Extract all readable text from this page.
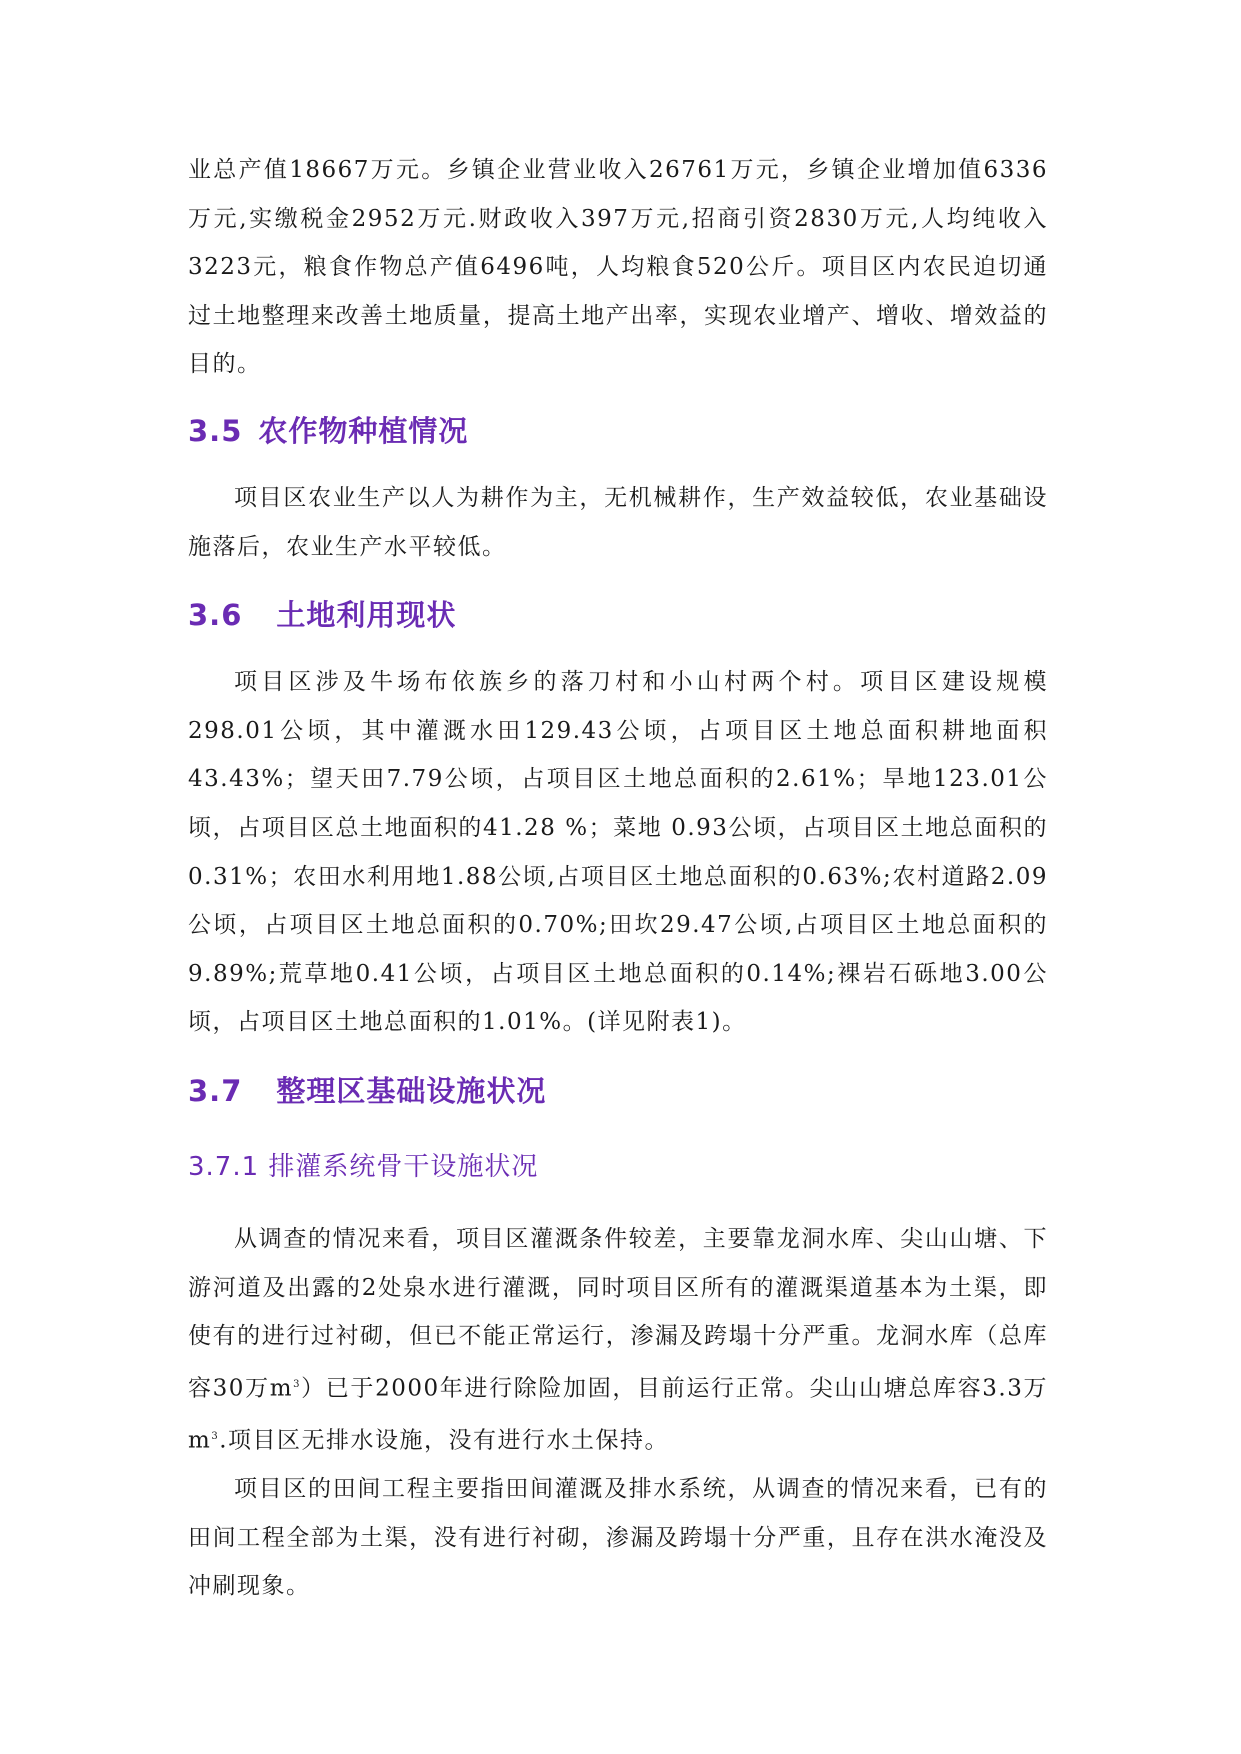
业总产值18667万元。乡镇企业营业收入26761万元，乡镇企业增加值6336万元,实缴税金2952万元.财政收入397万元,招商引资2830万元,人均纯收入3223元，粮食作物总产值6496吨，人均粮食520公斤。项目区内农民迫切通过土地整理来改善土地质量，提高土地产出率，实现农业增产、增收、增效益的目的。

3.5 农作物种植情况

项目区农业生产以人为耕作为主，无机械耕作，生产效益较低，农业基础设施落后，农业生产水平较低。

3.6 土地利用现状

项目区涉及牛场布依族乡的落刀村和小山村两个村。项目区建设规模298.01公顷，其中灌溉水田129.43公顷，占项目区土地总面积耕地面积43.43%；望天田7.79公顷，占项目区土地总面积的2.61%；旱地123.01公顷，占项目区总土地面积的41.28 %；菜地 0.93公顷，占项目区土地总面积的0.31%；农田水利用地1.88公顷,占项目区土地总面积的0.63%;农村道路2.09公顷，占项目区土地总面积的0.70%;田坎29.47公顷,占项目区土地总面积的9.89%;荒草地0.41公顷，占项目区土地总面积的0.14%;裸岩石砾地3.00公顷，占项目区土地总面积的1.01%。(详见附表1)。

3.7 整理区基础设施状况
3.7.1 排灌系统骨干设施状况

从调查的情况来看，项目区灌溉条件较差，主要靠龙洞水库、尖山山塘、下游河道及出露的2处泉水进行灌溉，同时项目区所有的灌溉渠道基本为土渠，即使有的进行过衬砌，但已不能正常运行，渗漏及跨塌十分严重。龙洞水库（总库容30万$m^3$）已于2000年进行除险加固，目前运行正常。尖山山塘总库容3.3万$m^3$.项目区无排水设施，没有进行水土保持。

项目区的田间工程主要指田间灌溉及排水系统，从调查的情况来看，已有的田间工程全部为土渠，没有进行衬砌，渗漏及跨塌十分严重，且存在洪水淹没及冲刷现象。
